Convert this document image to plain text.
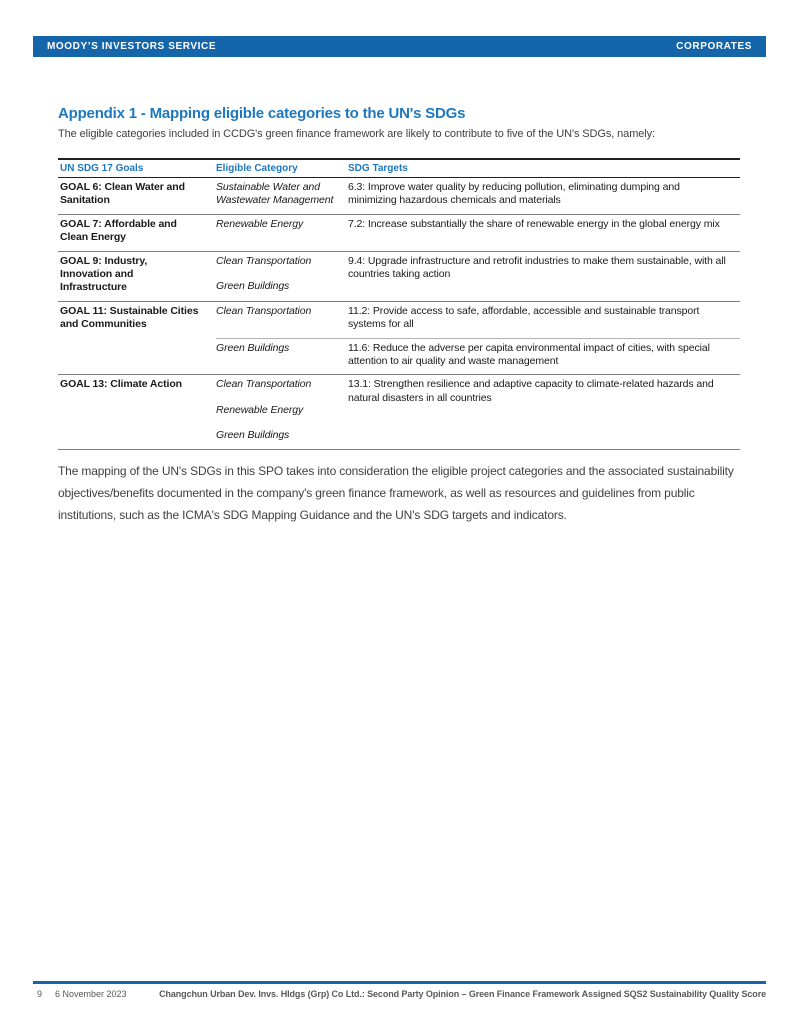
MOODY’S INVESTORS SERVICE	CORPORATES
Appendix 1 - Mapping eligible categories to the UN's SDGs

The eligible categories included in CCDG's green finance framework are likely to contribute to five of the UN's SDGs, namely:

UN SDG 17 Goals	Eligible Category	SDG Targets
GOAL 6: Clean Water and Sanitation	Sustainable Water and Wastewater Management	6.3: Improve water quality by reducing pollution, eliminating dumping and minimizing hazardous chemicals and materials
GOAL 7: Affordable and Clean Energy	Renewable Energy	7.2: Increase substantially the share of renewable energy in the global energy mix
GOAL 9: Industry, Innovation and Infrastructure	Clean Transportation
Green Buildings	9.4: Upgrade infrastructure and retrofit industries to make them sustainable, with all countries taking action
GOAL 11: Sustainable Cities and Communities	Clean Transportation	11.2: Provide access to safe, affordable, accessible and sustainable transport systems for all

	Green Buildings	11.6: Reduce the adverse per capita environmental impact of cities, with special attention to air quality and waste management
GOAL 13: Climate Action	Clean Transportation
Renewable Energy
Green Buildings	13.1: Strengthen resilience and adaptive capacity to climate-related hazards and natural disasters in all countries

The mapping of the UN's SDGs in this SPO takes into consideration the eligible project categories and the associated sustainability objectives/benefits documented in the company's green finance framework, as well as resources and guidelines from public institutions, such as the ICMA's SDG Mapping Guidance and the UN's SDG targets and indicators.

9 6 November 2023	Changchun Urban Dev. Invs. Hldgs (Grp) Co Ltd.: Second Party Opinion – Green Finance Framework Assigned SQS2 Sustainability Quality Score
